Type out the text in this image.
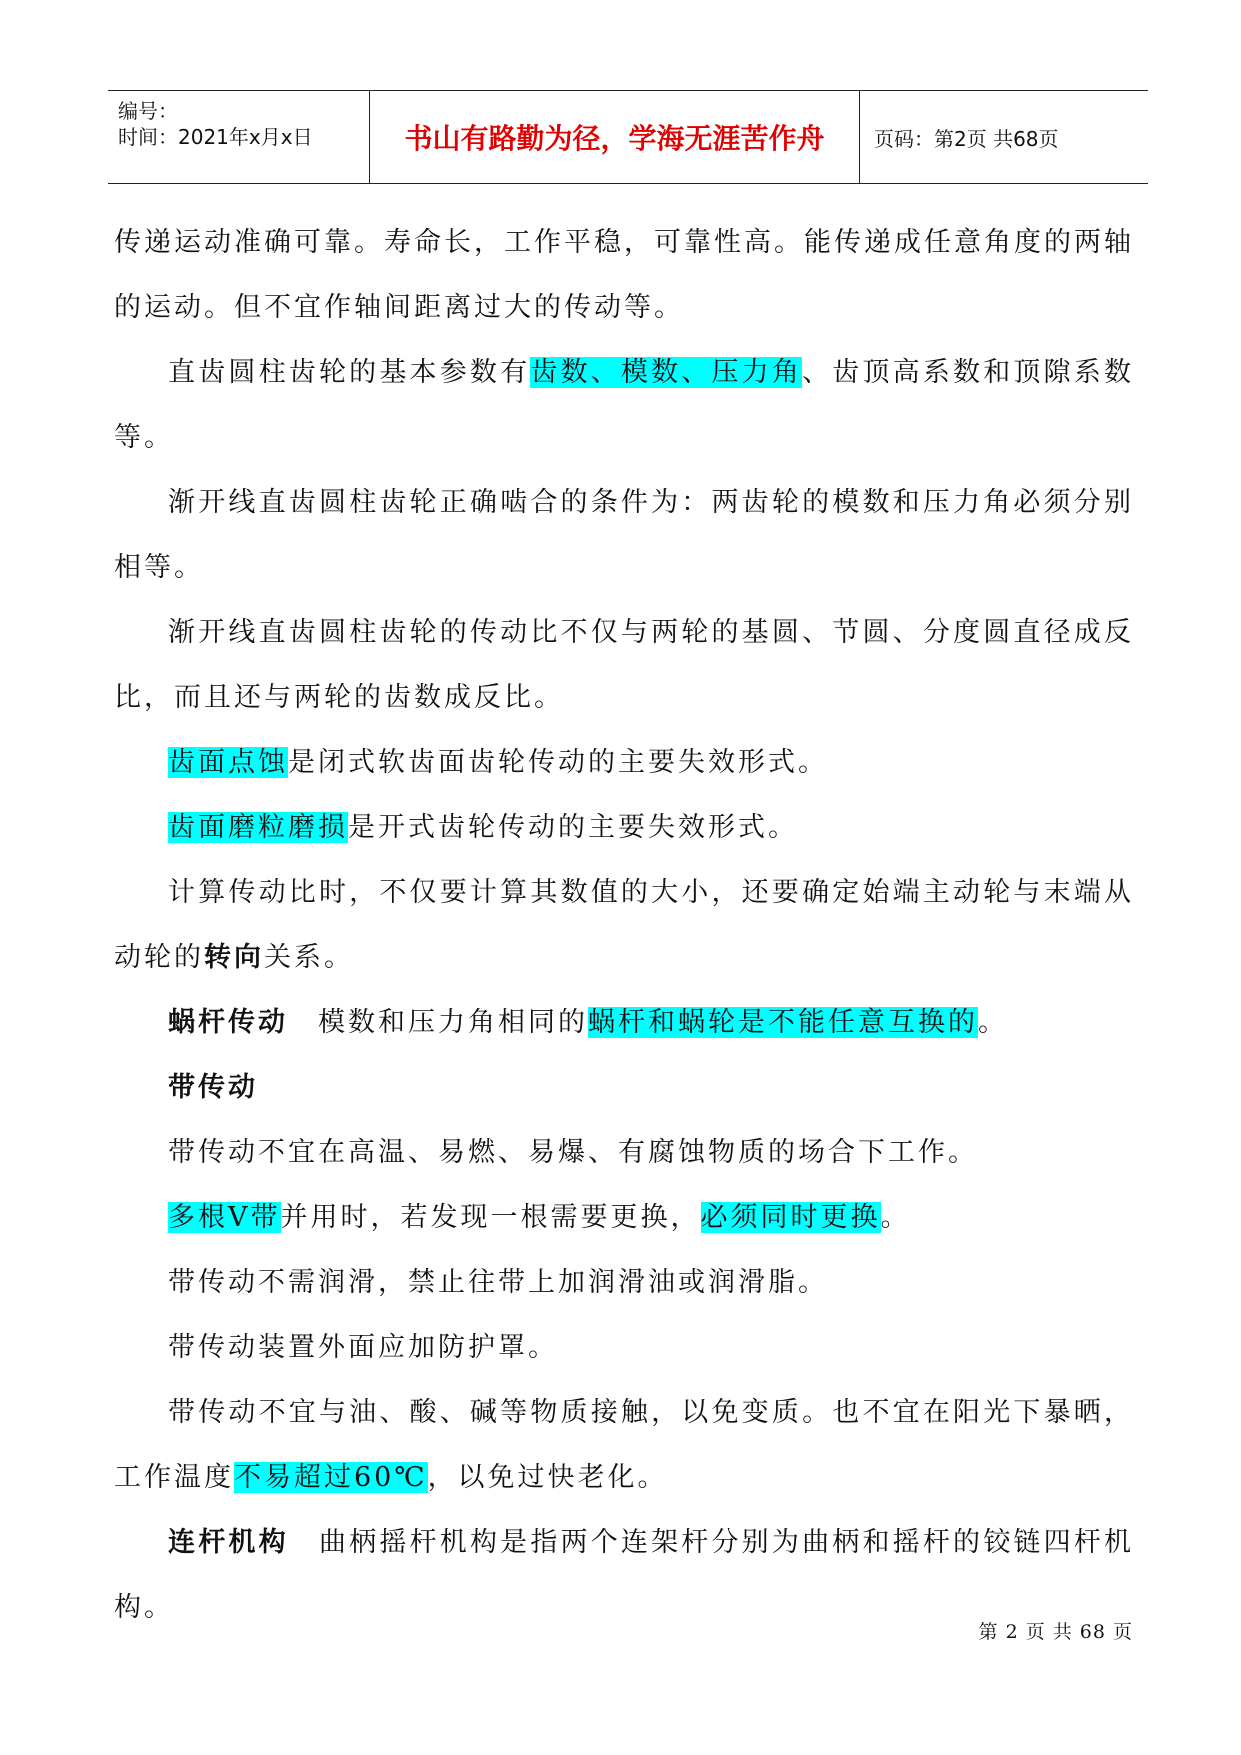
编号：
时间：2021年x月x日	书山有路勤为径，学海无涯苦作舟	页码：第2页 共68页

传递运动准确可靠。寿命长，工作平稳，可靠性高。能传递成任意角度的两轴的运动。但不宜作轴间距离过大的传动等。

直齿圆柱齿轮的基本参数有齿数、模数、压力角、齿顶高系数和顶隙系数等。

渐开线直齿圆柱齿轮正确啮合的条件为：两齿轮的模数和压力角必须分别相等。

渐开线直齿圆柱齿轮的传动比不仅与两轮的基圆、节圆、分度圆直径成反比，而且还与两轮的齿数成反比。

齿面点蚀是闭式软齿面齿轮传动的主要失效形式。

齿面磨粒磨损是开式齿轮传动的主要失效形式。

计算传动比时，不仅要计算其数值的大小，还要确定始端主动轮与末端从动轮的转向关系。

蜗杆传动 模数和压力角相同的蜗杆和蜗轮是不能任意互换的。

带传动

带传动不宜在高温、易燃、易爆、有腐蚀物质的场合下工作。

多根V带并用时，若发现一根需要更换，必须同时更换。

带传动不需润滑，禁止往带上加润滑油或润滑脂。

带传动装置外面应加防护罩。

带传动不宜与油、酸、碱等物质接触，以免变质。也不宜在阳光下暴晒，工作温度不易超过60℃，以免过快老化。

连杆机构 曲柄摇杆机构是指两个连架杆分别为曲柄和摇杆的铰链四杆机构。

第 2 页 共 68 页
